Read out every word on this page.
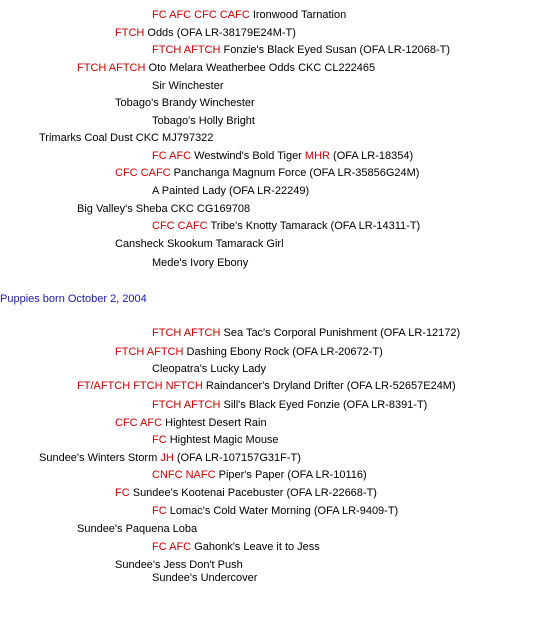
FC AFC CFC CAFC Ironwood Tarnation
FTCH Odds (OFA LR-38179E24M-T)
FTCH AFTCH Fonzie's Black Eyed Susan (OFA LR-12068-T)
FTCH AFTCH Oto Melara Weatherbee Odds CKC CL222465
Sir Winchester
Tobago's Brandy Winchester
Tobago's Holly Bright
Trimarks Coal Dust CKC MJ797322
FC AFC Westwind's Bold Tiger MHR (OFA LR-18354)
CFC CAFC Panchanga Magnum Force (OFA LR-35856G24M)
A Painted Lady (OFA LR-22249)
Big Valley's Sheba CKC CG169708
CFC CAFC Tribe's Knotty Tamarack (OFA LR-14311-T)
Cansheck Skookum Tamarack Girl
Mede's Ivory Ebony
Puppies born October 2, 2004
FTCH AFTCH Sea Tac's Corporal Punishment (OFA LR-12172)
FTCH AFTCH Dashing Ebony Rock (OFA LR-20672-T)
Cleopatra's Lucky Lady
FT/AFTCH FTCH NFTCH Raindancer's Dryland Drifter (OFA LR-52657E24M)
FTCH AFTCH Sill's Black Eyed Fonzie (OFA LR-8391-T)
CFC AFC Hightest Desert Rain
FC Hightest Magic Mouse
Sundee's Winters Storm JH (OFA LR-107157G31F-T)
CNFC NAFC Piper's Paper (OFA LR-10116)
FC Sundee's Kootenai Pacebuster (OFA LR-22668-T)
FC Lomac's Cold Water Morning (OFA LR-9409-T)
Sundee's Paquena Loba
FC AFC Gahonk's Leave it to Jess
Sundee's Jess Don't Push
Sundee's Undercover
